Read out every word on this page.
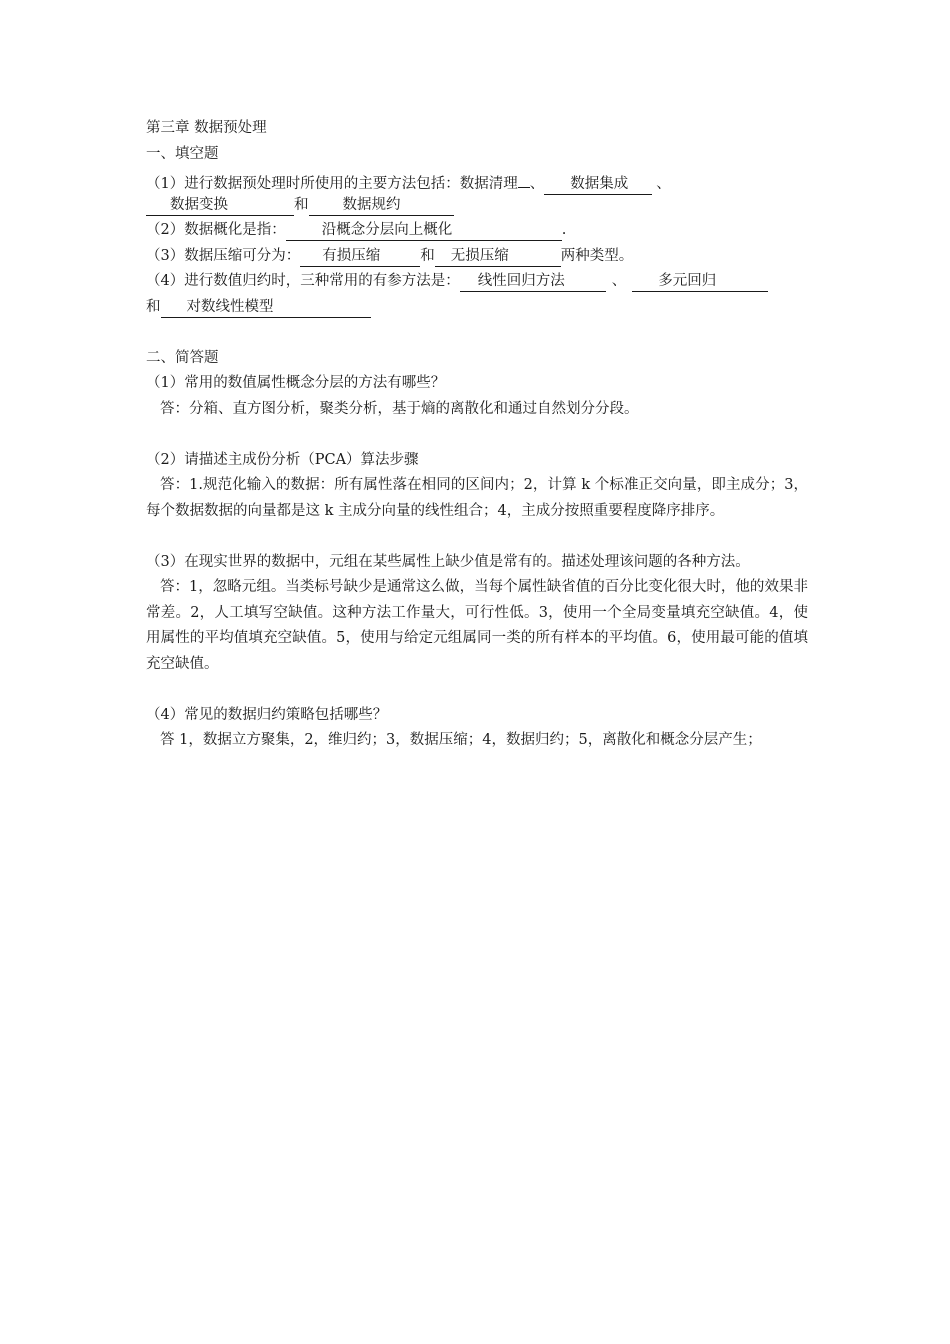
第三章 数据预处理
一、填空题
（1）进行数据预处理时所使用的主要方法包括：数据清理 、 数据集成 、
数据变换	和 数据规约
（2）数据概化是指： 沿概念分层向上概化	.
（3）数据压缩可分为： 有损压缩	和 无损压缩	两种类型。
（4）进行数值归约时，三种常用的有参方法是： 线性回归方法	、 多元回归
和 对数线性模型
二、简答题
（1）常用的数值属性概念分层的方法有哪些？
答：分箱、直方图分析，聚类分析，基于熵的离散化和通过自然划分分段。
（2）请描述主成份分析（PCA）算法步骤
答：1.规范化输入的数据：所有属性落在相同的区间内；2，计算 k 个标准正交向量，即主成分；3，每个数据数据的向量都是这 k 主成分向量的线性组合；4，主成分按照重要程度降序排序。
（3）在现实世界的数据中，元组在某些属性上缺少值是常有的。描述处理该问题的各种方法。
答：1，忽略元组。当类标号缺少是通常这么做，当每个属性缺省值的百分比变化很大时，他的效果非常差。2，人工填写空缺值。这种方法工作量大，可行性低。3，使用一个全局变量填充空缺值。4，使用属性的平均值填充空缺值。5，使用与给定元组属同一类的所有样本的平均值。6，使用最可能的值填充空缺值。
（4）常见的数据归约策略包括哪些？
答 1，数据立方聚集，2，维归约；3，数据压缩；4，数据归约；5，离散化和概念分层产生；
